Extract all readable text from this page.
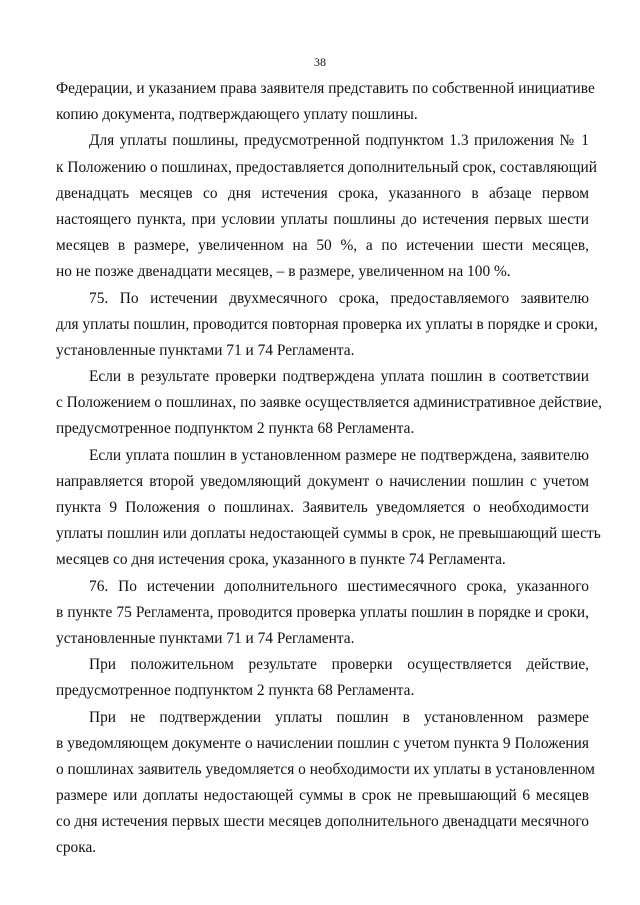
38
Федерации, и указанием права заявителя представить по собственной инициативе
копию документа, подтверждающего уплату пошлины.
Для уплаты пошлины, предусмотренной подпунктом 1.3 приложения № 1
к Положению о пошлинах, предоставляется дополнительный срок, составляющий
двенадцать месяцев со дня истечения срока, указанного в абзаце первом
настоящего пункта, при условии уплаты пошлины до истечения первых шести
месяцев в размере, увеличенном на 50 %, а по истечении шести месяцев,
но не позже двенадцати месяцев, – в размере, увеличенном на 100 %.
75. По истечении двухмесячного срока, предоставляемого заявителю
для уплаты пошлин, проводится повторная проверка их уплаты в порядке и сроки,
установленные пунктами 71 и 74 Регламента.
Если в результате проверки подтверждена уплата пошлин в соответствии
с Положением о пошлинах, по заявке осуществляется административное действие,
предусмотренное подпунктом 2 пункта 68 Регламента.
Если уплата пошлин в установленном размере не подтверждена, заявителю
направляется второй уведомляющий документ о начислении пошлин с учетом
пункта 9 Положения о пошлинах. Заявитель уведомляется о необходимости
уплаты пошлин или доплаты недостающей суммы в срок, не превышающий шесть
месяцев со дня истечения срока, указанного в пункте 74 Регламента.
76. По истечении дополнительного шестимесячного срока, указанного
в пункте 75 Регламента, проводится проверка уплаты пошлин в порядке и сроки,
установленные пунктами 71 и 74 Регламента.
При положительном результате проверки осуществляется действие,
предусмотренное подпунктом 2 пункта 68 Регламента.
При не подтверждении уплаты пошлин в установленном размере
в уведомляющем документе о начислении пошлин с учетом пункта 9 Положения
о пошлинах заявитель уведомляется о необходимости их уплаты в установленном
размере или доплаты недостающей суммы в срок не превышающий 6 месяцев
со дня истечения первых шести месяцев дополнительного двенадцати месячного
срока.
